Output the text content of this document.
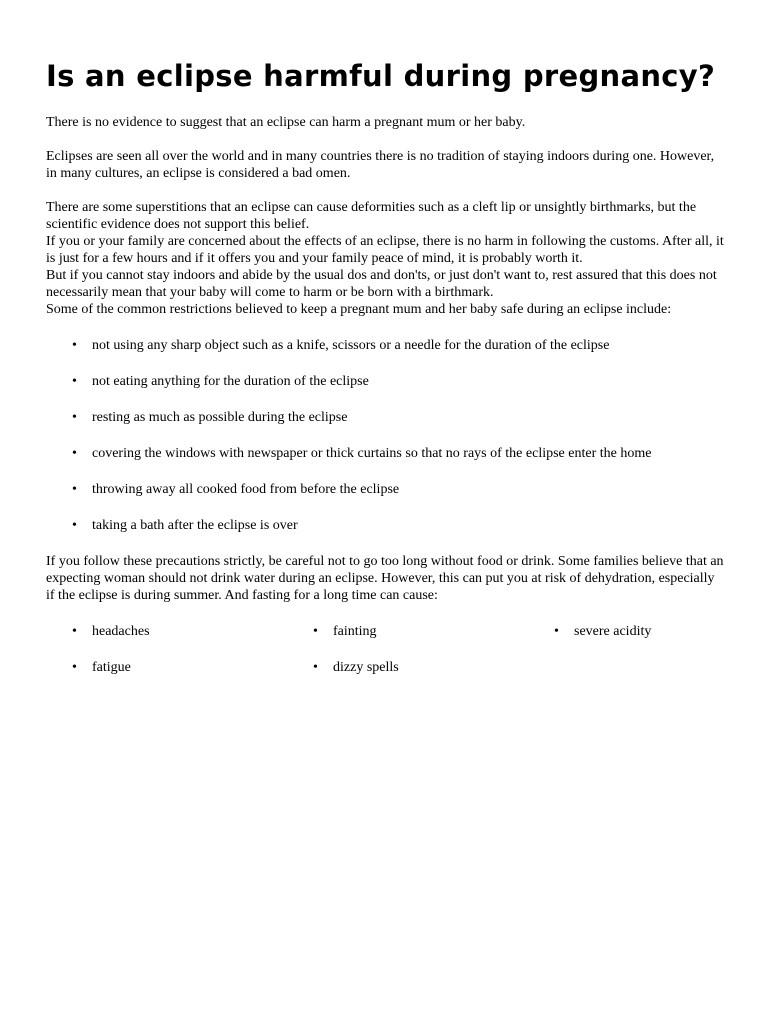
Is an eclipse harmful during pregnancy?

There is no evidence to suggest that an eclipse can harm a pregnant mum or her baby.

Eclipses are seen all over the world and in many countries there is no tradition of staying indoors during one. However, in many cultures, an eclipse is considered a bad omen.

There are some superstitions that an eclipse can cause deformities such as a cleft lip or unsightly birthmarks, but the scientific evidence does not support this belief.

If you or your family are concerned about the effects of an eclipse, there is no harm in following the customs. After all, it is just for a few hours and if it offers you and your family peace of mind, it is probably worth it.

But if you cannot stay indoors and abide by the usual dos and don'ts, or just don't want to, rest assured that this does not necessarily mean that your baby will come to harm or be born with a birthmark.

Some of the common restrictions believed to keep a pregnant mum and her baby safe during an eclipse include:

• not using any sharp object such as a knife, scissors or a needle for the duration of the eclipse
• not eating anything for the duration of the eclipse
• resting as much as possible during the eclipse
• covering the windows with newspaper or thick curtains so that no rays of the eclipse enter the home
• throwing away all cooked food from before the eclipse
• taking a bath after the eclipse is over

If you follow these precautions strictly, be careful not to go too long without food or drink. Some families believe that an expecting woman should not drink water during an eclipse. However, this can put you at risk of dehydration, especially if the eclipse is during summer. And fasting for a long time can cause:

• headaches	• fainting	• severe acidity
• fatigue	• dizzy spells
